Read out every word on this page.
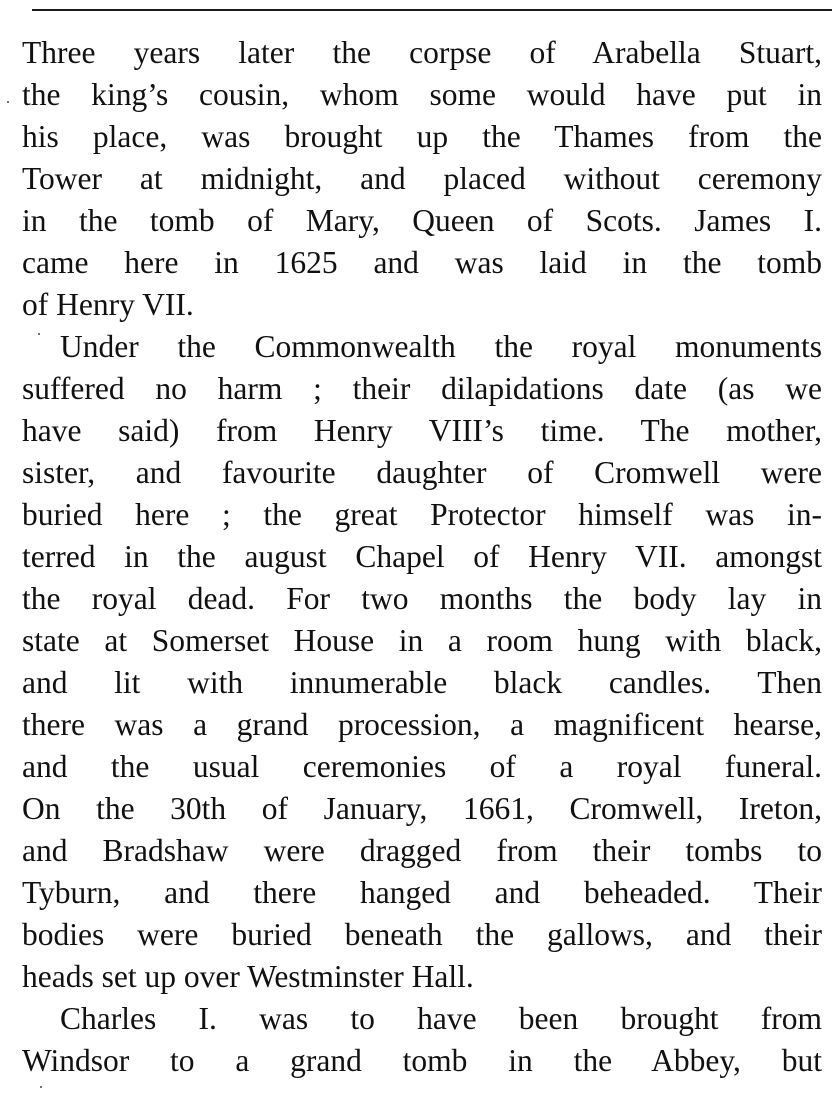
Three years later the corpse of Arabella Stuart,
the king’s cousin, whom some would have put in
his place, was brought up the Thames from the
Tower at midnight, and placed without ceremony
in the tomb of Mary, Queen of Scots. James I.
came here in 1625 and was laid in the tomb
of Henry VII.
Under the Commonwealth the royal monuments
suffered no harm ; their dilapidations date (as we
have said) from Henry VIII’s time. The mother,
sister, and favourite daughter of Cromwell were
buried here ; the great Protector himself was in-
terred in the august Chapel of Henry VII. amongst
the royal dead. For two months the body lay in
state at Somerset House in a room hung with black,
and lit with innumerable black candles. Then
there was a grand procession, a magnificent hearse,
and the usual ceremonies of a royal funeral.
On the 30th of January, 1661, Cromwell, Ireton,
and Bradshaw were dragged from their tombs to
Tyburn, and there hanged and beheaded. Their
bodies were buried beneath the gallows, and their
heads set up over Westminster Hall.
Charles I. was to have been brought from
Windsor to a grand tomb in the Abbey, but
